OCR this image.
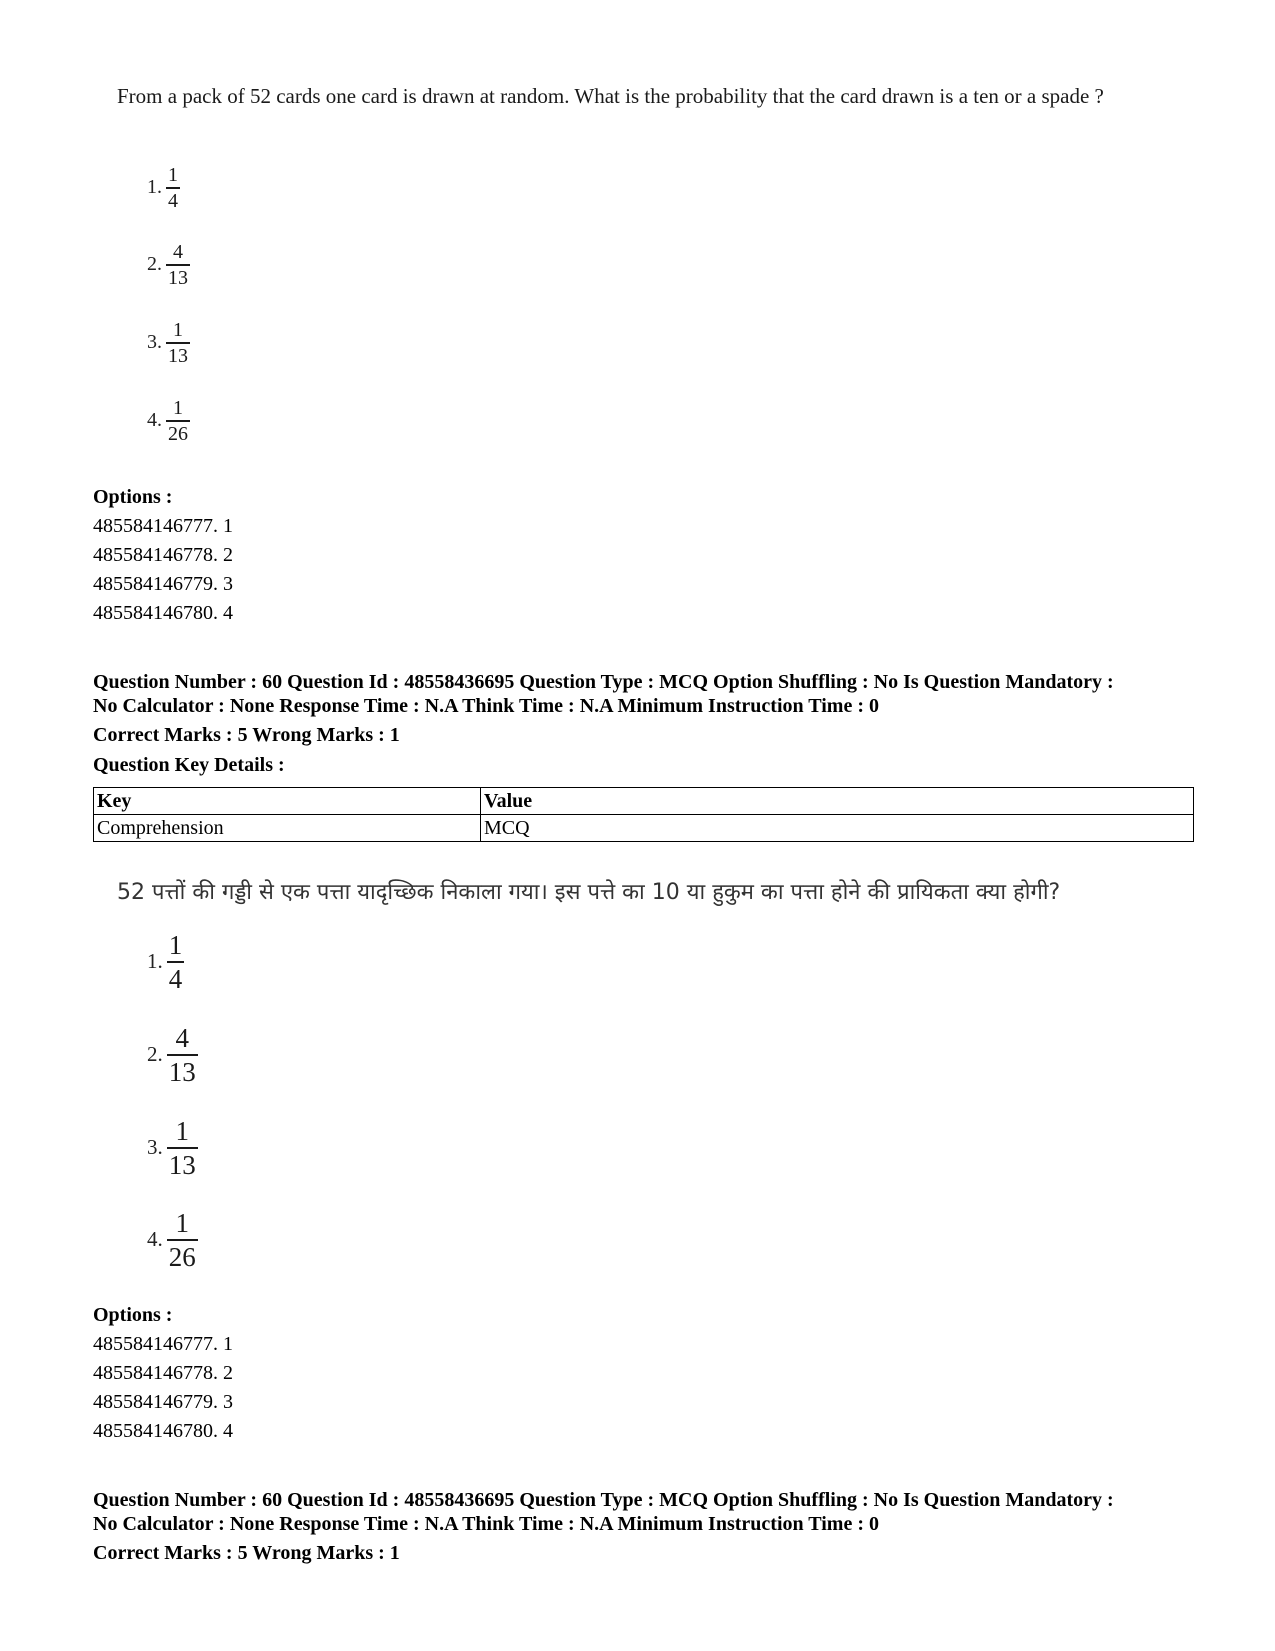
From a pack of 52 cards one card is drawn at random. What is the probability that the card drawn is a ten or a spade ?
1. $\frac{1}{4}$
2. $\frac{4}{13}$
3. $\frac{1}{13}$
4. $\frac{1}{26}$
Options :
485584146777. 1
485584146778. 2
485584146779. 3
485584146780. 4
Question Number : 60 Question Id : 48558436695 Question Type : MCQ Option Shuffling : No Is Question Mandatory :
No Calculator : None Response Time : N.A Think Time : N.A Minimum Instruction Time : 0
Correct Marks : 5 Wrong Marks : 1
Question Key Details :
Key	Value
Comprehension	MCQ
52 पत्तों की गड्डी से एक पत्ता यादृच्छिक निकाला गया। इस पत्ते का 10 या हुकुम का पत्ता होने की प्रायिकता क्या होगी?
1. $\frac{1}{4}$
2. $\frac{4}{13}$
3. $\frac{1}{13}$
4. $\frac{1}{26}$
Options :
485584146777. 1
485584146778. 2
485584146779. 3
485584146780. 4
Question Number : 60 Question Id : 48558436695 Question Type : MCQ Option Shuffling : No Is Question Mandatory :
No Calculator : None Response Time : N.A Think Time : N.A Minimum Instruction Time : 0
Correct Marks : 5 Wrong Marks : 1
